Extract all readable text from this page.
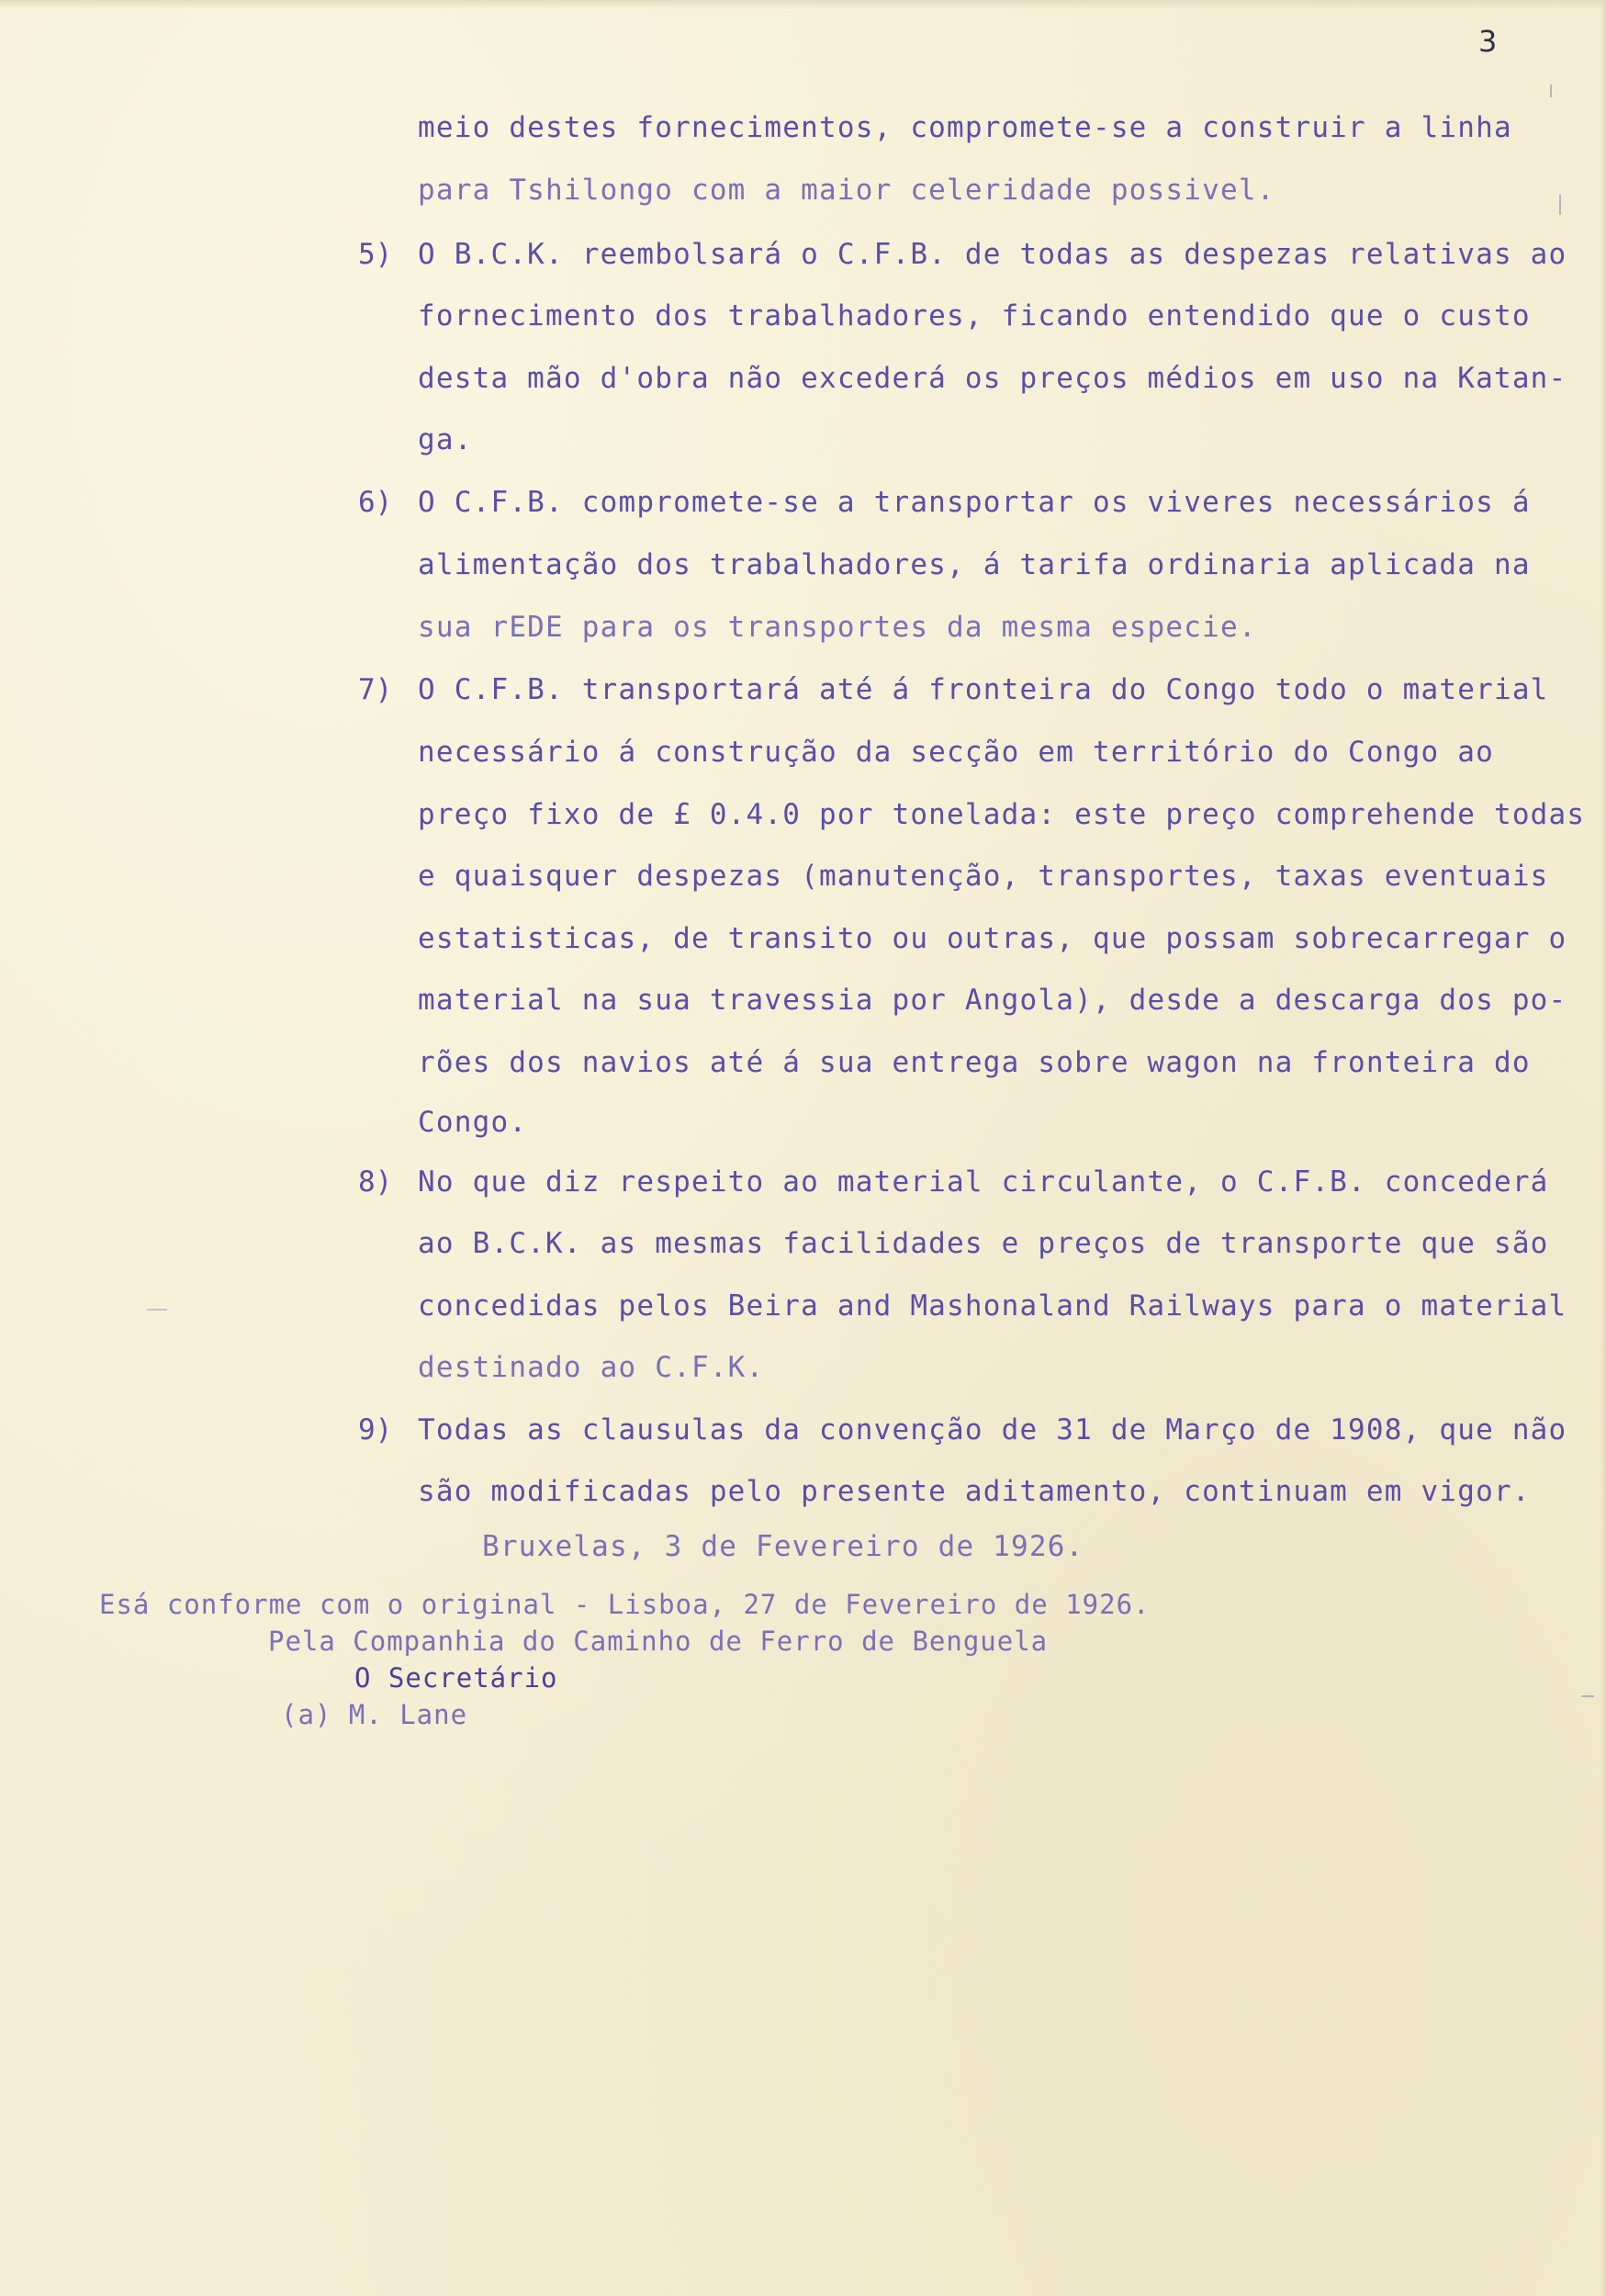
3
meio destes fornecimentos, compromete-se a construir a linha
para Tshilongo com a maior celeridade possivel.
5) O B.C.K. reembolsará o C.F.B. de todas as despezas relativas ao
fornecimento dos trabalhadores, ficando entendido que o custo
desta mão d'obra não excederá os preços médios em uso na Katan-
ga.
6) O C.F.B. compromete-se a transportar os viveres necessários á
alimentação dos trabalhadores, á tarifa ordinaria aplicada na
sua rEDE para os transportes da mesma especie.
7) O C.F.B. transportará até á fronteira do Congo todo o material
necessário á construção da secção em território do Congo ao
preço fixo de £ 0.4.0 por tonelada: este preço comprehende todas
e quaisquer despezas (manutenção, transportes, taxas eventuais
estatisticas, de transito ou outras, que possam sobrecarregar o
material na sua travessia por Angola), desde a descarga dos po-
rões dos navios até á sua entrega sobre wagon na fronteira do
Congo.
8) No que diz respeito ao material circulante, o C.F.B. concederá
ao B.C.K. as mesmas facilidades e preços de transporte que são
concedidas pelos Beira and Mashonaland Railways para o material
destinado ao C.F.K.
9) Todas as clausulas da convenção de 31 de Março de 1908, que não
são modificadas pelo presente aditamento, continuam em vigor.
Bruxelas, 3 de Fevereiro de 1926.
Esá conforme com o original - Lisboa, 27 de Fevereiro de 1926.
Pela Companhia do Caminho de Ferro de Benguela
O Secretário
(a) M. Lane
